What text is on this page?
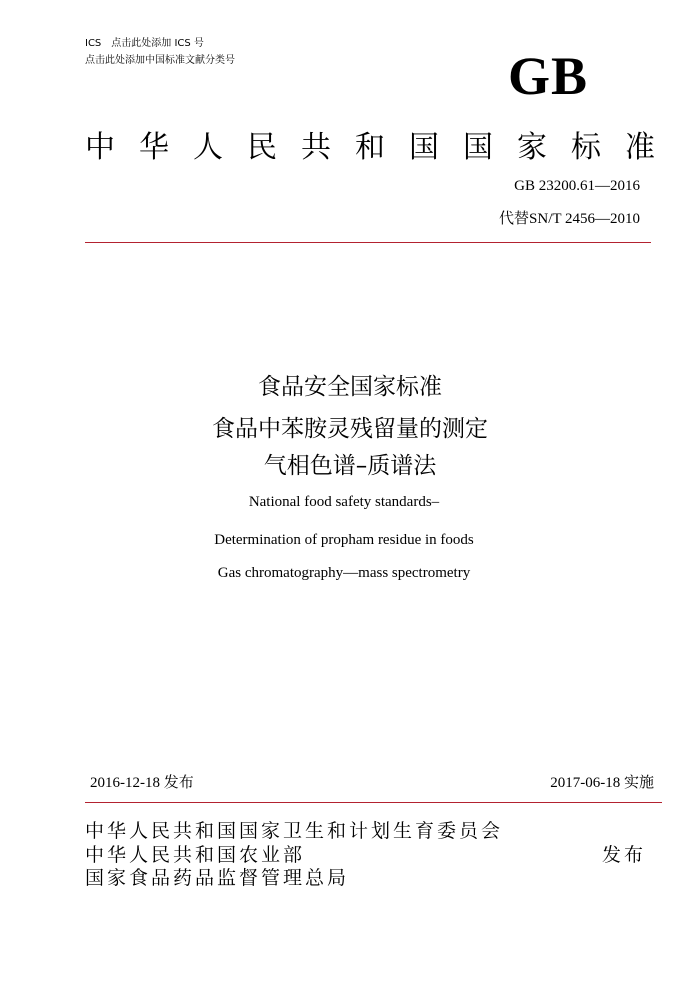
ICS　点击此处添加 ICS 号
点击此处添加中国标准文献分类号	GB
中华人民共和国国家标准
GB 23200.61—2016
代替SN/T 2456—2010
食品安全国家标准
食品中苯胺灵残留量的测定
气相色谱–质谱法
National food safety standards–
Determination of propham residue in foods
Gas chromatography—mass spectrometry
2016-12-18 发布	2017-06-18 实施
中华人民共和国国家卫生和计划生育委员会
中华人民共和国农业部
国家食品药品监督管理总局
发布
